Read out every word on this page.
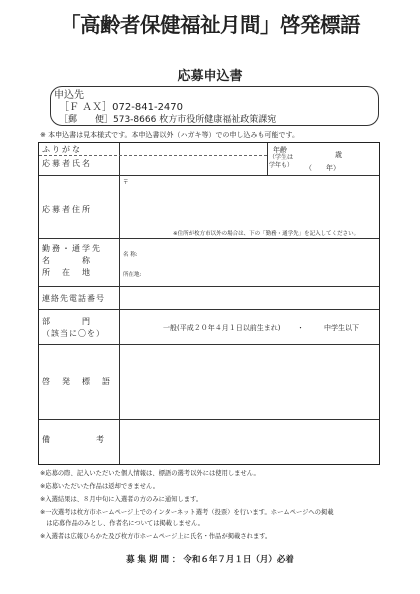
「高齢者保健福祉月間」啓発標語
応募申込書
申込先
［Ｆ ＡＸ］072-841-2470
［郵　　便］573-8666 枚方市役所健康福祉政策課宛
※ 本申込書は見本様式です。本申込書以外（ハガキ等）での申し込みも可能です。
ふりがな
応募者氏名
年齢
（学生は
学年も）
歳
（　　年）
応募者住所
〒
※住所が枚方市以外の場合は、下の「勤務・通学先」を記入してください。
勤務・通学先
名　　　称
所　在　地
名 称:
所在地:
連絡先電話番号
部　　　門
（該当に〇を）
一般(平成２０年４月１日以前生まれ) ・	中学生以下
啓　発　標　語
備　　　　　考
※応募の際、記入いただいた個人情報は、標語の選考以外には使用しません。
※応募いただいた作品は返却できません。
※入選結果は、８月中旬に入選者の方のみに通知します。
※一次選考は枚方市ホームページ上でのインターネット選考（投票）を行います。ホームページへの掲載
　は応募作品のみとし、作者名については掲載しません。
※入選者は広報ひらかた及び枚方市ホームページ上に氏名・作品が掲載されます。
募 集 期 間 ： 令和６年７月１日（月）必着
